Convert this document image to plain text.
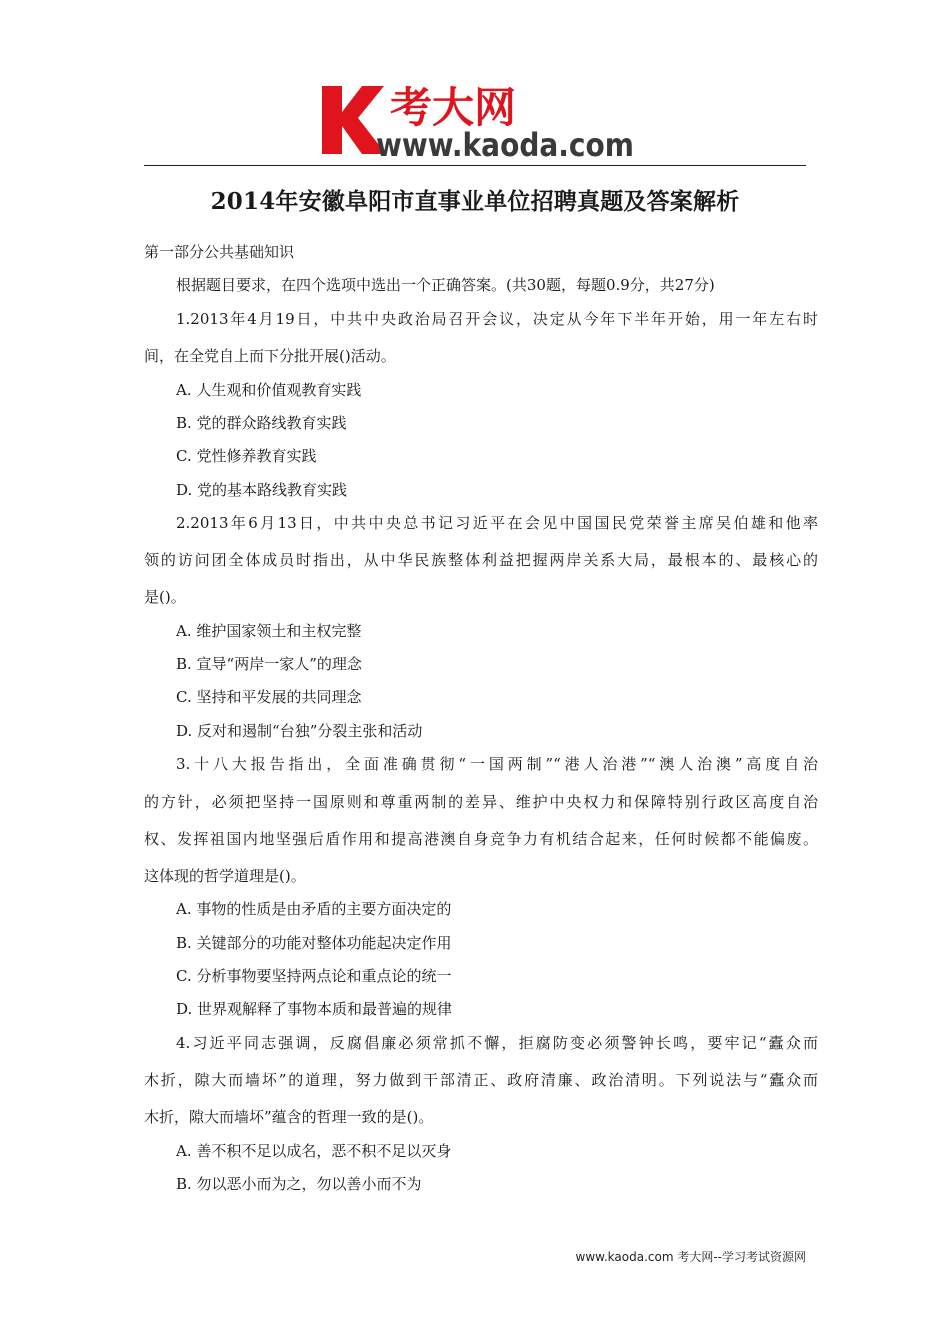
考大网
www.kaoda.com
2014年安徽阜阳市直事业单位招聘真题及答案解析
第一部分公共基础知识
根据题目要求，在四个选项中选出一个正确答案。(共30题，每题0.9分，共27分)
1.2013年4月19日，中共中央政治局召开会议，决定从今年下半年开始，用一年左右时
间，在全党自上而下分批开展()活动。
A. 人生观和价值观教育实践
B. 党的群众路线教育实践
C. 党性修养教育实践
D. 党的基本路线教育实践
2.2013年6月13日，中共中央总书记习近平在会见中国国民党荣誉主席吴伯雄和他率
领的访问团全体成员时指出，从中华民族整体利益把握两岸关系大局，最根本的、最核心的
是()。
A. 维护国家领土和主权完整
B. 宣导“两岸一家人”的理念
C. 坚持和平发展的共同理念
D. 反对和遏制“台独”分裂主张和活动
3.十八大报告指出，全面准确贯彻“一国两制”“港人治港”“澳人治澳”高度自治
的方针，必须把坚持一国原则和尊重两制的差异、维护中央权力和保障特别行政区高度自治
权、发挥祖国内地坚强后盾作用和提高港澳自身竞争力有机结合起来，任何时候都不能偏废。
这体现的哲学道理是()。
A. 事物的性质是由矛盾的主要方面决定的
B. 关键部分的功能对整体功能起决定作用
C. 分析事物要坚持两点论和重点论的统一
D. 世界观解释了事物本质和最普遍的规律
4.习近平同志强调，反腐倡廉必须常抓不懈，拒腐防变必须警钟长鸣，要牢记“蠹众而
木折，隙大而墙坏”的道理，努力做到干部清正、政府清廉、政治清明。下列说法与“蠹众而
木折，隙大而墙坏”蕴含的哲理一致的是()。
A. 善不积不足以成名，恶不积不足以灭身
B. 勿以恶小而为之，勿以善小而不为
www.kaoda.com 考大网--学习考试资源网
